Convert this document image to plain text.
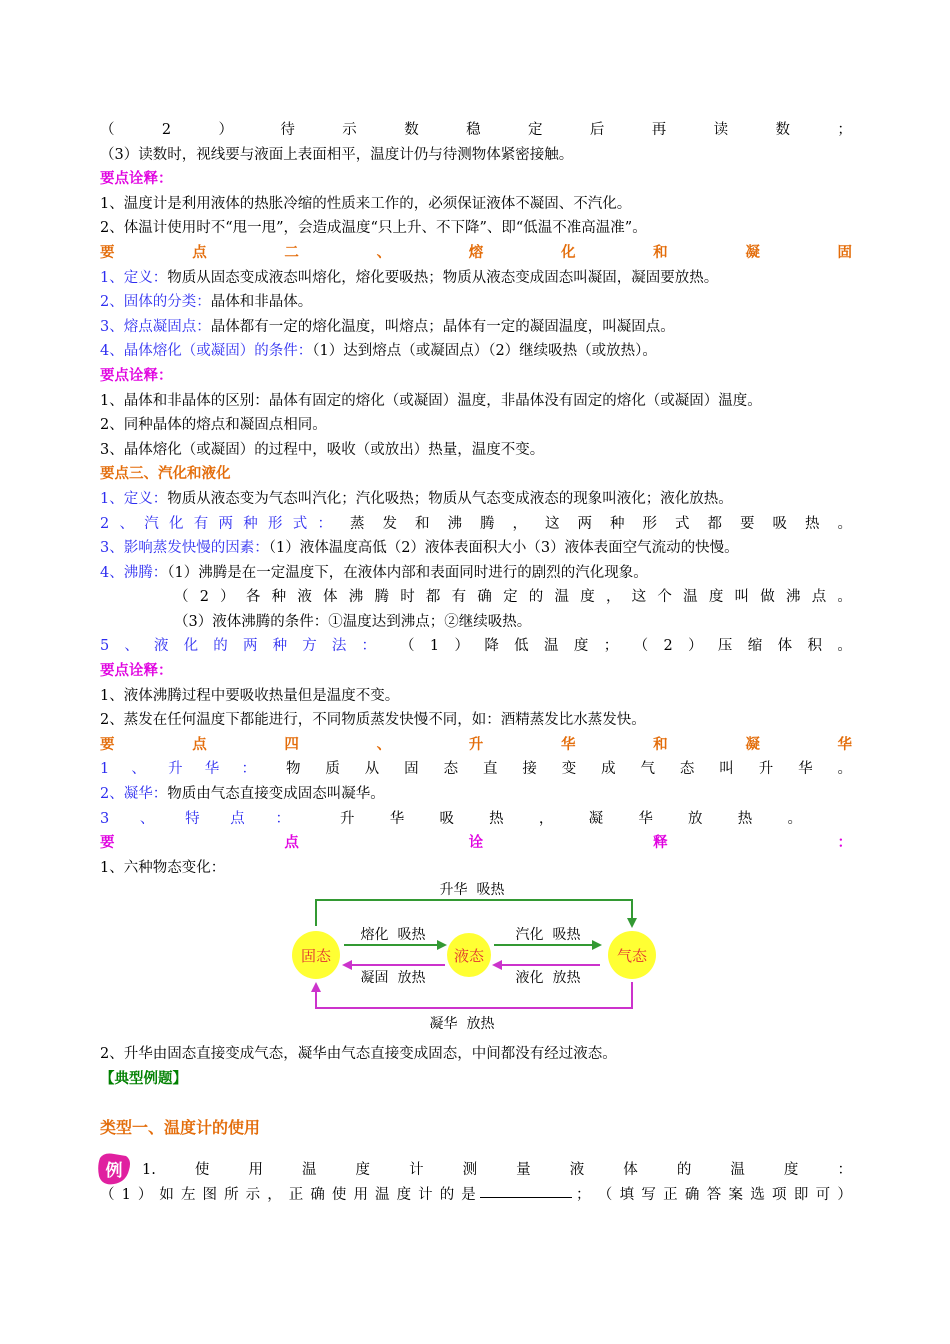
（	2	）	待	示	数	稳	定	后	再	读	数	；
（3）读数时，视线要与液面上表面相平，温度计仍与待测物体紧密接触。
要点诠释：
1、温度计是利用液体的热胀冷缩的性质来工作的，必须保证液体不凝固、不汽化。
2、体温计使用时不“甩一甩”，会造成温度“只上升、不下降”、即“低温不准高温准”。
要	点	二	、	熔	化	和	凝	固
1、定义：物质从固态变成液态叫熔化，熔化要吸热；物质从液态变成固态叫凝固，凝固要放热。
2、固体的分类：晶体和非晶体。
3、熔点凝固点：晶体都有一定的熔化温度，叫熔点；晶体有一定的凝固温度，叫凝固点。
4、晶体熔化（或凝固）的条件：（1）达到熔点（或凝固点）（2）继续吸热（或放热）。
要点诠释：
1、晶体和非晶体的区别：晶体有固定的熔化（或凝固）温度，非晶体没有固定的熔化（或凝固）温度。
2、同种晶体的熔点和凝固点相同。
3、晶体熔化（或凝固）的过程中，吸收（或放出）热量，温度不变。
要点三、汽化和液化
1、定义：物质从液态变为气态叫汽化；汽化吸热；物质从气态变成液态的现象叫液化；液化放热。
2 、 汽 化 有 两 种 形 式 ： 蒸 发 和 沸 腾 ， 这 两 种 形 式 都 要 吸 热 。
3、影响蒸发快慢的因素：（1）液体温度高低（2）液体表面积大小（3）液体表面空气流动的快慢。
4、沸腾：（1）沸腾是在一定温度下，在液体内部和表面同时进行的剧烈的汽化现象。
（ 2 ） 各 种 液 体 沸 腾 时 都 有 确 定 的 温 度 ， 这 个 温 度 叫 做 沸 点 。
（3）液体沸腾的条件：①温度达到沸点；②继续吸热。
5 、 液 化 的 两 种 方 法 ： （ 1 ） 降 低 温 度 ； （ 2 ） 压 缩 体 积 。
要点诠释：
1、液体沸腾过程中要吸收热量但是温度不变。
2、蒸发在任何温度下都能进行，不同物质蒸发快慢不同，如：酒精蒸发比水蒸发快。
要	点	四	、	升	华	和	凝	华
1 、 升 华 ： 物 质 从 固 态 直 接 变 成 气 态 叫 升 华 。
2、凝华：物质由气态直接变成固态叫凝华。
3 、 特 点 ：	升 华 吸 热 ， 凝 华 放 热 。
要	点	诠	释	：
1、六种物态变化：
固态	液态	气态
升华  吸热
熔化  吸热
凝固  放热
汽化  吸热
液化  放热
凝华  放热
2、升华由固态直接变成气态，凝华由气态直接变成固态，中间都没有经过液态。
【典型例题】
类型一、温度计的使用
例 1.	使	用	温	度	计	测	量	液	体	的	温	度	：
（ 1 ） 如 左 图 所 示 ， 正 确 使 用 温 度 计 的 是	； （ 填 写 正 确 答 案 选 项 即 可 ）
